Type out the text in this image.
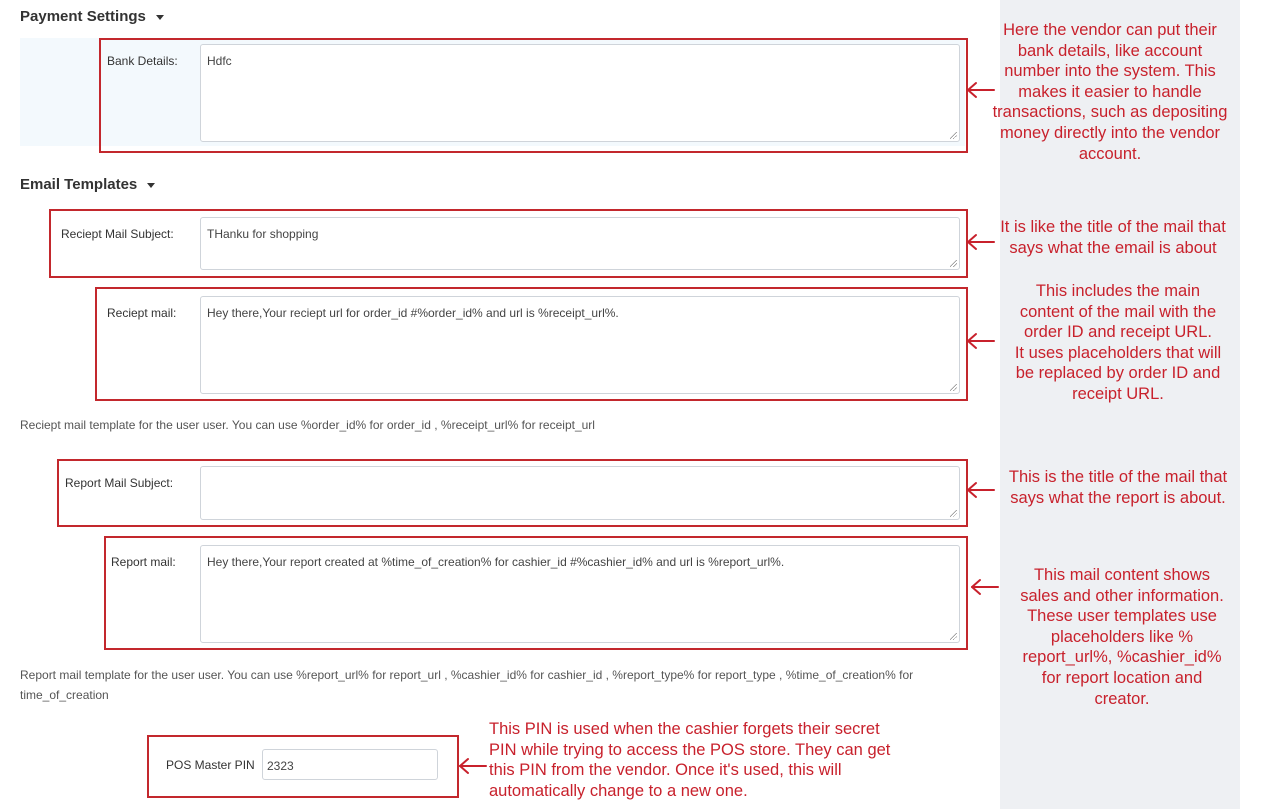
Payment Settings
Bank Details:	Hdfc
Email Templates
Reciept Mail Subject:	THanku for shopping
Reciept mail:	Hey there,Your reciept url for order_id #%order_id% and url is %receipt_url%.
Reciept mail template for the user user. You can use %order_id% for order_id , %receipt_url% for receipt_url
Report Mail Subject:
Report mail:	Hey there,Your report created at %time_of_creation% for cashier_id #%cashier_id% and url is %report_url%.
Report mail template for the user user. You can use %report_url% for report_url , %cashier_id% for cashier_id , %report_type% for report_type , %time_of_creation% for
time_of_creation
POS Master PIN	2323
Here the vendor can put their
bank details, like account
number into the system. This
makes it easier to handle
transactions, such as depositing
money directly into the vendor
account.
It is like the title of the mail that
says what the email is about
This includes the main
content of the mail with the
order ID and receipt URL.
It uses placeholders that will
be replaced by order ID and
receipt URL.
This is the title of the mail that
says what the report is about.
This mail content shows
sales and other information.
These user templates use
placeholders like %
report_url%, %cashier_id%
for report location and
creator.
This PIN is used when the cashier forgets their secret
PIN while trying to access the POS store. They can get
this PIN from the vendor. Once it's used, this will
automatically change to a new one.
